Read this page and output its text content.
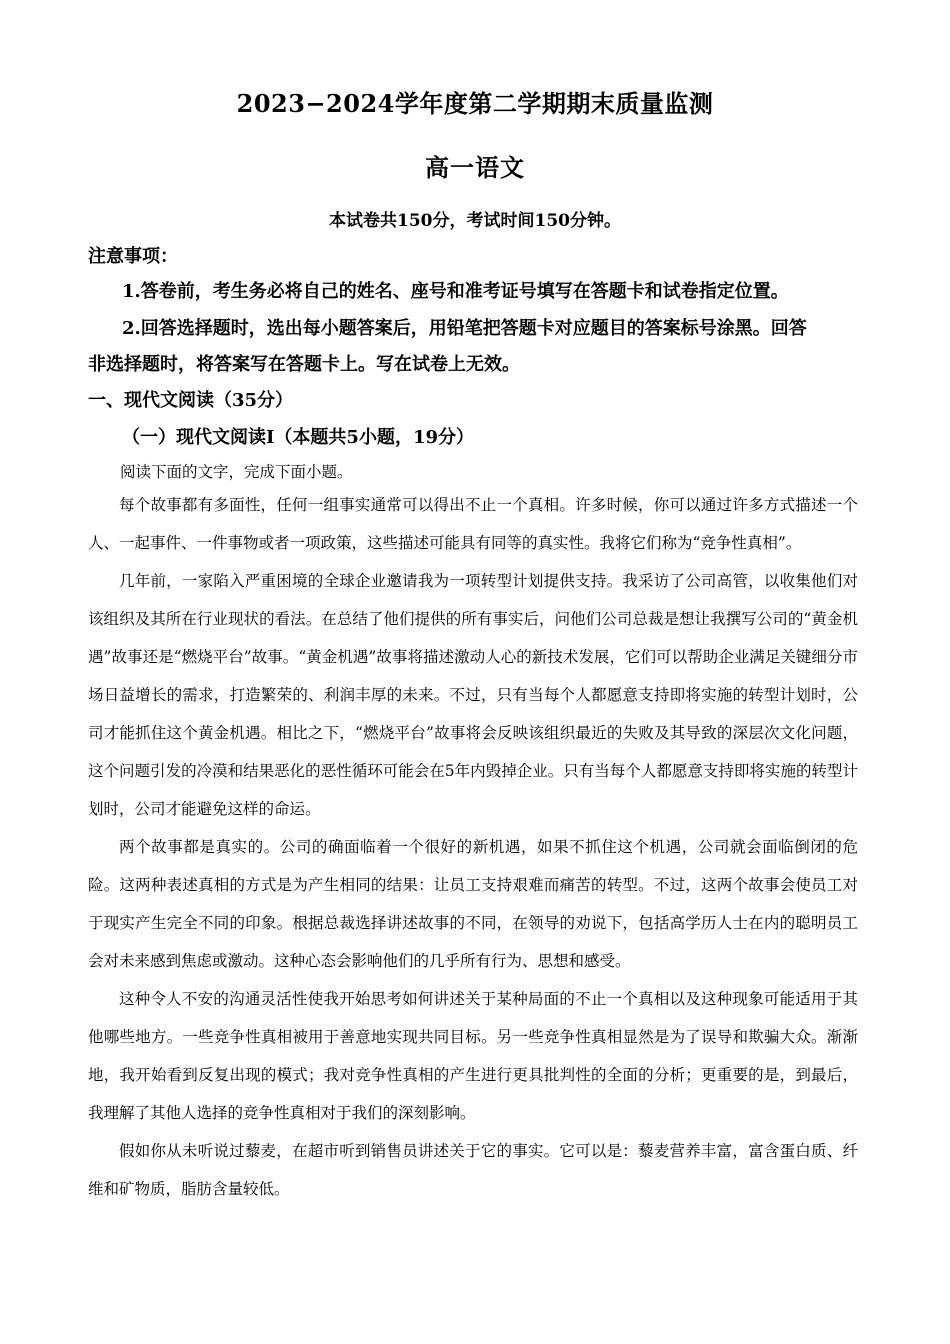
2023−2024学年度第二学期期末质量监测
高一语文
本试卷共150分，考试时间150分钟。
注意事项：
1.答卷前，考生务必将自己的姓名、座号和准考证号填写在答题卡和试卷指定位置。
2.回答选择题时，选出每小题答案后，用铅笔把答题卡对应题目的答案标号涂黑。回答
非选择题时，将答案写在答题卡上。写在试卷上无效。
一、现代文阅读（35分）
（一）现代文阅读Ⅰ（本题共5小题，19分）
阅读下面的文字，完成下面小题。

每个故事都有多面性，任何一组事实通常可以得出不止一个真相。许多时候，你可以通过许多方式描述一个人、一起事件、一件事物或者一项政策，这些描述可能具有同等的真实性。我将它们称为“竞争性真相”。

几年前，一家陷入严重困境的全球企业邀请我为一项转型计划提供支持。我采访了公司高管，以收集他们对该组织及其所在行业现状的看法。在总结了他们提供的所有事实后，问他们公司总裁是想让我撰写公司的“黄金机遇”故事还是“燃烧平台”故事。“黄金机遇”故事将描述激动人心的新技术发展，它们可以帮助企业满足关键细分市场日益增长的需求，打造繁荣的、利润丰厚的未来。不过，只有当每个人都愿意支持即将实施的转型计划时，公司才能抓住这个黄金机遇。相比之下，“燃烧平台”故事将会反映该组织最近的失败及其导致的深层次文化问题，这个问题引发的冷漠和结果恶化的恶性循环可能会在5年内毁掉企业。只有当每个人都愿意支持即将实施的转型计划时，公司才能避免这样的命运。

两个故事都是真实的。公司的确面临着一个很好的新机遇，如果不抓住这个机遇，公司就会面临倒闭的危险。这两种表述真相的方式是为产生相同的结果：让员工支持艰难而痛苦的转型。不过，这两个故事会使员工对于现实产生完全不同的印象。根据总裁选择讲述故事的不同，在领导的劝说下，包括高学历人士在内的聪明员工会对未来感到焦虑或激动。这种心态会影响他们的几乎所有行为、思想和感受。

这种令人不安的沟通灵活性使我开始思考如何讲述关于某种局面的不止一个真相以及这种现象可能适用于其他哪些地方。一些竞争性真相被用于善意地实现共同目标。另一些竞争性真相显然是为了误导和欺骗大众。渐渐地，我开始看到反复出现的模式；我对竞争性真相的产生进行更具批判性的全面的分析；更重要的是，到最后，我理解了其他人选择的竞争性真相对于我们的深刻影响。

假如你从未听说过藜麦，在超市听到销售员讲述关于它的事实。它可以是：藜麦营养丰富，富含蛋白质、纤维和矿物质，脂肪含量较低。
